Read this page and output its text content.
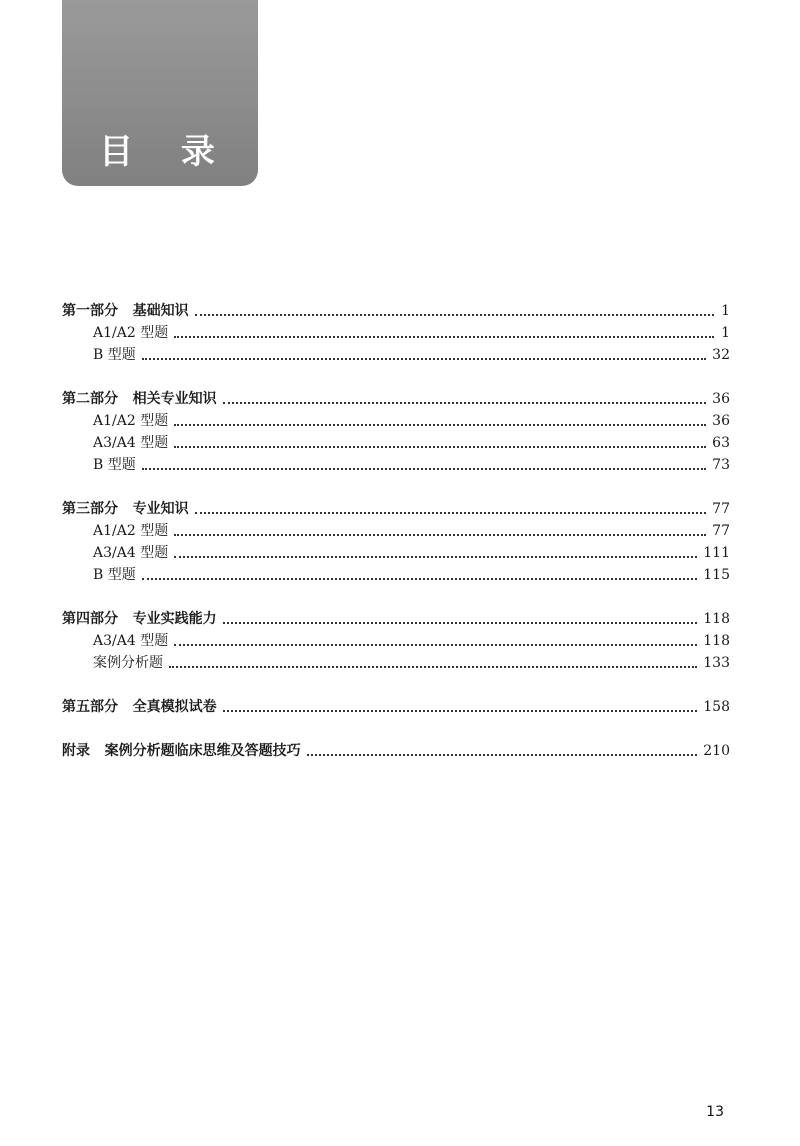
目 录
第一部分   基础知识	1
A1/A2 型题	1
B 型题	32
第二部分   相关专业知识	36
A1/A2 型题	36
A3/A4 型题	63
B 型题	73
第三部分   专业知识	77
A1/A2 型题	77
A3/A4 型题	111
B 型题	115
第四部分   专业实践能力	118
A3/A4 型题	118
案例分析题	133
第五部分   全真模拟试卷	158
附录   案例分析题临床思维及答题技巧	210
13
